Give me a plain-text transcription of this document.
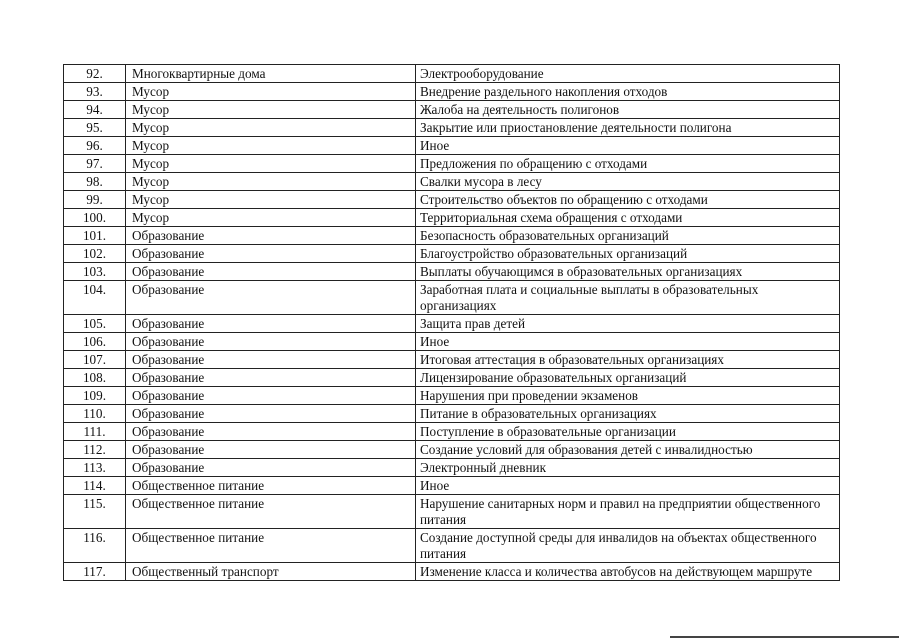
92.	Многоквартирные дома	Электрооборудование
93.	Мусор	Внедрение раздельного накопления отходов
94.	Мусор	Жалоба на деятельность полигонов
95.	Мусор	Закрытие или приостановление деятельности полигона
96.	Мусор	Иное
97.	Мусор	Предложения по обращению с отходами
98.	Мусор	Свалки мусора в лесу
99.	Мусор	Строительство объектов по обращению с отходами
100.	Мусор	Территориальная схема обращения с отходами
101.	Образование	Безопасность образовательных организаций
102.	Образование	Благоустройство образовательных организаций
103.	Образование	Выплаты обучающимся в образовательных организациях
104.	Образование	Заработная плата и социальные выплаты в образовательных организациях
105.	Образование	Защита прав детей
106.	Образование	Иное
107.	Образование	Итоговая аттестация в образовательных организациях
108.	Образование	Лицензирование образовательных организаций
109.	Образование	Нарушения при проведении экзаменов
110.	Образование	Питание в образовательных организациях
111.	Образование	Поступление в образовательные организации
112.	Образование	Создание условий для образования детей с инвалидностью
113.	Образование	Электронный дневник
114.	Общественное питание	Иное
115.	Общественное питание	Нарушение санитарных норм и правил на предприятии общественного питания
116.	Общественное питание	Создание доступной среды для инвалидов на объектах общественного питания
117.	Общественный транспорт	Изменение класса и количества автобусов на действующем маршруте
